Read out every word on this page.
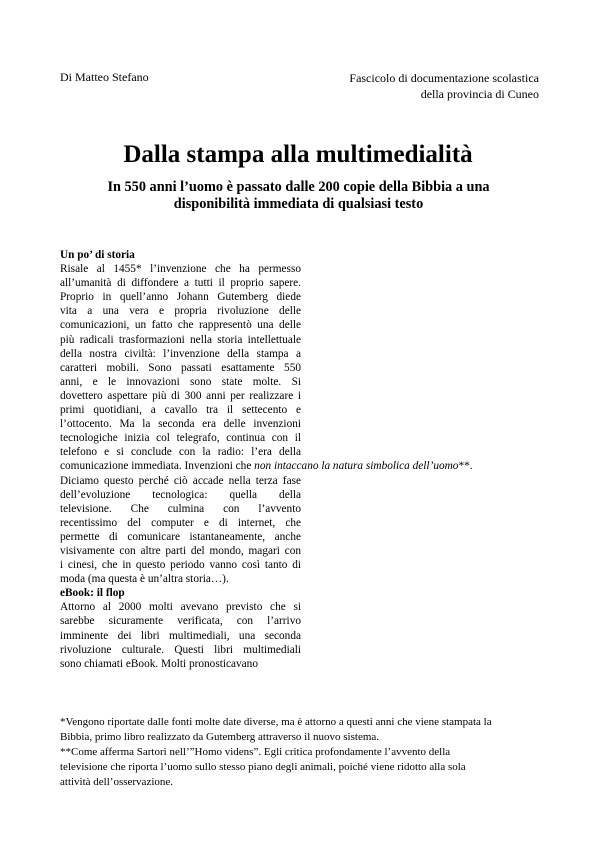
Di Matteo Stefano	Fascicolo di documentazione scolastica
della provincia di Cuneo
Dalla stampa alla multimedialità
In 550 anni l’uomo è passato dalle 200 copie della Bibbia a una
disponibilità immediata di qualsiasi testo
Un po’ di storia
Risale al 1455* l’invenzione che ha permesso
all’umanità di diffondere a tutti il proprio sapere.
Proprio in quell’anno Johann Gutemberg diede
vita a una vera e propria rivoluzione delle
comunicazioni, un fatto che rappresentò una delle
più radicali trasformazioni nella storia intellettuale
della nostra civiltà: l’invenzione della stampa a
caratteri mobili. Sono passati esattamente 550
anni, e le innovazioni sono state molte. Si
dovettero aspettare più di 300 anni per realizzare i
primi quotidiani, a cavallo tra il settecento e
l’ottocento. Ma la seconda era delle invenzioni
tecnologiche inizia col telegrafo, continua con il
telefono e si conclude con la radio: l’era della
comunicazione immediata. Invenzioni che non intaccano la natura simbolica dell’uomo**.
Diciamo questo perché ciò accade nella terza fase
dell’evoluzione tecnologica: quella della
televisione. Che culmina con l’avvento
recentissimo del computer e di internet, che
permette di comunicare istantaneamente, anche
visivamente con altre parti del mondo, magari con
i cinesi, che in questo periodo vanno così tanto di
moda (ma questa è un’altra storia…).
eBook: il flop
Attorno al 2000 molti avevano previsto che si
sarebbe sicuramente verificata, con l’arrivo
imminente dei libri multimediali, una seconda
rivoluzione culturale. Questi libri multimediali
sono chiamati eBook. Molti pronosticavano
*Vengono riportate dalle fonti molte date diverse, ma è attorno a questi anni che viene stampata la
Bibbia, primo libro realizzato da Gutemberg attraverso il nuovo sistema.
**Come afferma Sartori nell’”Homo videns”. Egli critica profondamente l’avvento della
televisione che riporta l’uomo sullo stesso piano degli animali, poiché viene ridotto alla sola
attività dell’osservazione.
